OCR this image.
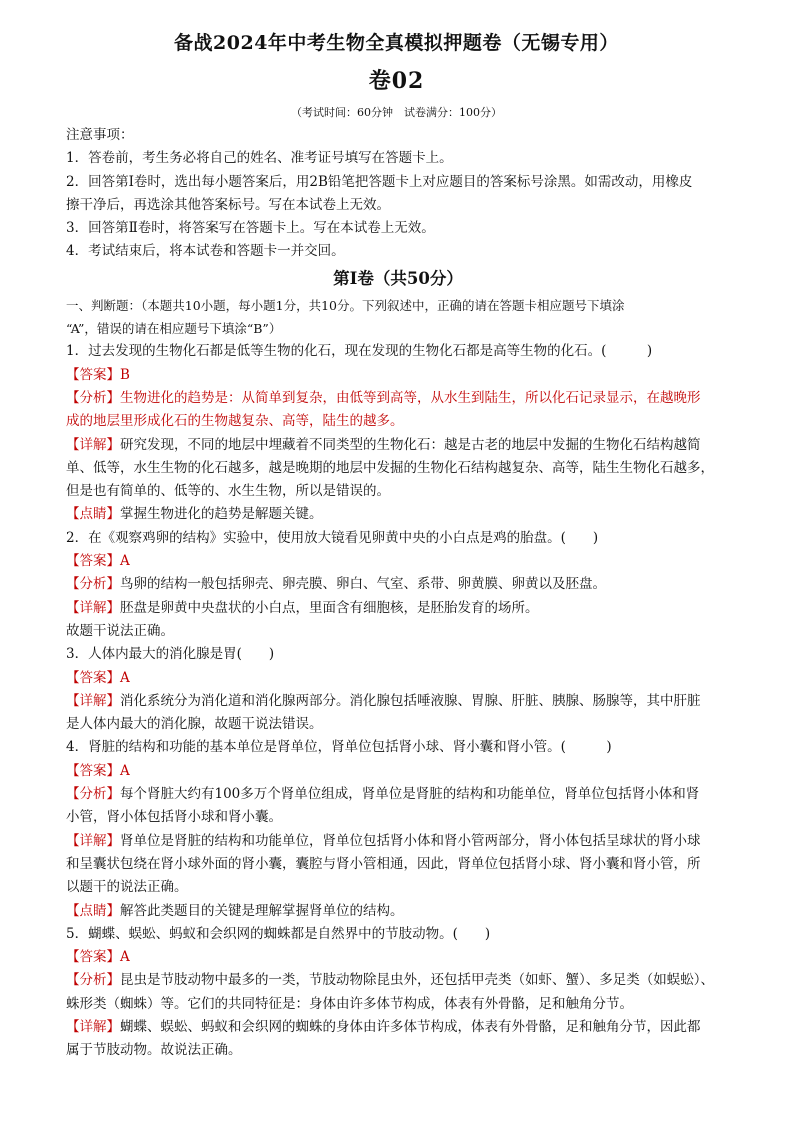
备战2024年中考生物全真模拟押题卷（无锡专用）
卷02
（考试时间：60分钟　试卷满分：100分）
注意事项：
1．答卷前，考生务必将自己的姓名、准考证号填写在答题卡上。
2．回答第Ⅰ卷时，选出每小题答案后，用2B铅笔把答题卡上对应题目的答案标号涂黑。如需改动，用橡皮
擦干净后，再选涂其他答案标号。写在本试卷上无效。
3．回答第Ⅱ卷时，将答案写在答题卡上。写在本试卷上无效。
4．考试结束后，将本试卷和答题卡一并交回。
第Ⅰ卷（共50分）
一、判断题：（本题共10小题，每小题1分，共10分。下列叙述中，正确的请在答题卡相应题号下填涂
“A”，错误的请在相应题号下填涂“B”）
1．过去发现的生物化石都是低等生物的化石，现在发现的生物化石都是高等生物的化石。(　　　)
【答案】B
【分析】生物进化的趋势是：从简单到复杂，由低等到高等，从水生到陆生，所以化石记录显示，在越晚形
成的地层里形成化石的生物越复杂、高等，陆生的越多。
【详解】研究发现，不同的地层中埋藏着不同类型的生物化石：越是古老的地层中发掘的生物化石结构越简
单、低等，水生生物的化石越多，越是晚期的地层中发掘的生物化石结构越复杂、高等，陆生生物化石越多，
但是也有简单的、低等的、水生生物，所以是错误的。
【点睛】掌握生物进化的趋势是解题关键。
2．在《观察鸡卵的结构》实验中，使用放大镜看见卵黄中央的小白点是鸡的胎盘。(　　)
【答案】A
【分析】鸟卵的结构一般包括卵壳、卵壳膜、卵白、气室、系带、卵黄膜、卵黄以及胚盘。
【详解】胚盘是卵黄中央盘状的小白点，里面含有细胞核，是胚胎发育的场所。
故题干说法正确。
3．人体内最大的消化腺是胃(　　)
【答案】A
【详解】消化系统分为消化道和消化腺两部分。消化腺包括唾液腺、胃腺、肝脏、胰腺、肠腺等，其中肝脏
是人体内最大的消化腺，故题干说法错误。
4．肾脏的结构和功能的基本单位是肾单位，肾单位包括肾小球、肾小囊和肾小管。(　　　)
【答案】A
【分析】每个肾脏大约有100多万个肾单位组成，肾单位是肾脏的结构和功能单位，肾单位包括肾小体和肾
小管，肾小体包括肾小球和肾小囊。
【详解】肾单位是肾脏的结构和功能单位，肾单位包括肾小体和肾小管两部分，肾小体包括呈球状的肾小球
和呈囊状包绕在肾小球外面的肾小囊，囊腔与肾小管相通，因此，肾单位包括肾小球、肾小囊和肾小管，所
以题干的说法正确。
【点睛】解答此类题目的关键是理解掌握肾单位的结构。
5．蝴蝶、蜈蚣、蚂蚁和会织网的蜘蛛都是自然界中的节肢动物。(　　)
【答案】A
【分析】昆虫是节肢动物中最多的一类，节肢动物除昆虫外，还包括甲壳类（如虾、蟹）、多足类（如蜈蚣）、
蛛形类（蜘蛛）等。它们的共同特征是：身体由许多体节构成，体表有外骨骼，足和触角分节。
【详解】蝴蝶、蜈蚣、蚂蚁和会织网的蜘蛛的身体由许多体节构成，体表有外骨骼，足和触角分节，因此都
属于节肢动物。故说法正确。
